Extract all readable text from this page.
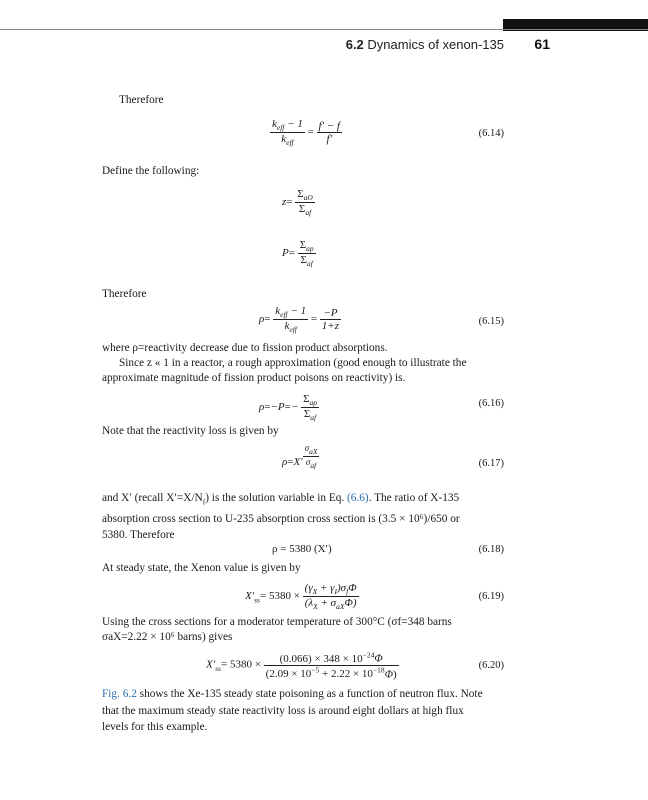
6.2 Dynamics of xenon-135 61
Therefore
$\frac{k_{eff} - 1}{k_{eff}} = \frac{f' - f}{f'}$	(6.14)
Define the following:
$z= \frac{\Sigma_{aO}}{\Sigma_{af}}$
$P= \frac{\Sigma_{ap}}{\Sigma_{af}}$
Therefore
$\rho= \frac{k_{eff} - 1}{k_{eff}} = \frac{-P}{1+z}$	(6.15)
where ρ=reactivity decrease due to fission product absorptions.
Since z « 1 in a reactor, a rough approximation (good enough to illustrate the
approximate magnitude of fission product poisons on reactivity) is.
$\rho=-P=- \frac{\Sigma_{ap}}{\Sigma_{af}}$	(6.16)
Note that the reactivity loss is given by
$\rho=X' \frac{\sigma_{aX}}{\sigma_{af}}$	(6.17)
and X′ (recall $X'=X/N_f$) is the solution variable in Eq. (6.6). The ratio of X-135
absorption cross section to U-235 absorption cross section is (3.5 × 10⁶)/650 or
5380. Therefore
ρ = 5380 (X′)	(6.18)
At steady state, the Xenon value is given by
$X'_{ss}= 5380 \times \frac{(\gamma_X + \gamma_I)\sigma_f\Phi}{(\lambda_X + \sigma_{aX}\Phi)}$	(6.19)
Using the cross sections for a moderator temperature of 300°C (σf=348 barns
σaX=2.22 × 10⁶ barns) gives
$X'_{ss}= 5380 \times \frac{(0.066) \times 348 \times 10^{-24}\Phi}{(2.09 \times 10^{-5} + 2.22 \times 10^{-18}\Phi)}$	(6.20)
Fig. 6.2 shows the Xe-135 steady state poisoning as a function of neutron flux. Note
that the maximum steady state reactivity loss is around eight dollars at high flux
levels for this example.
